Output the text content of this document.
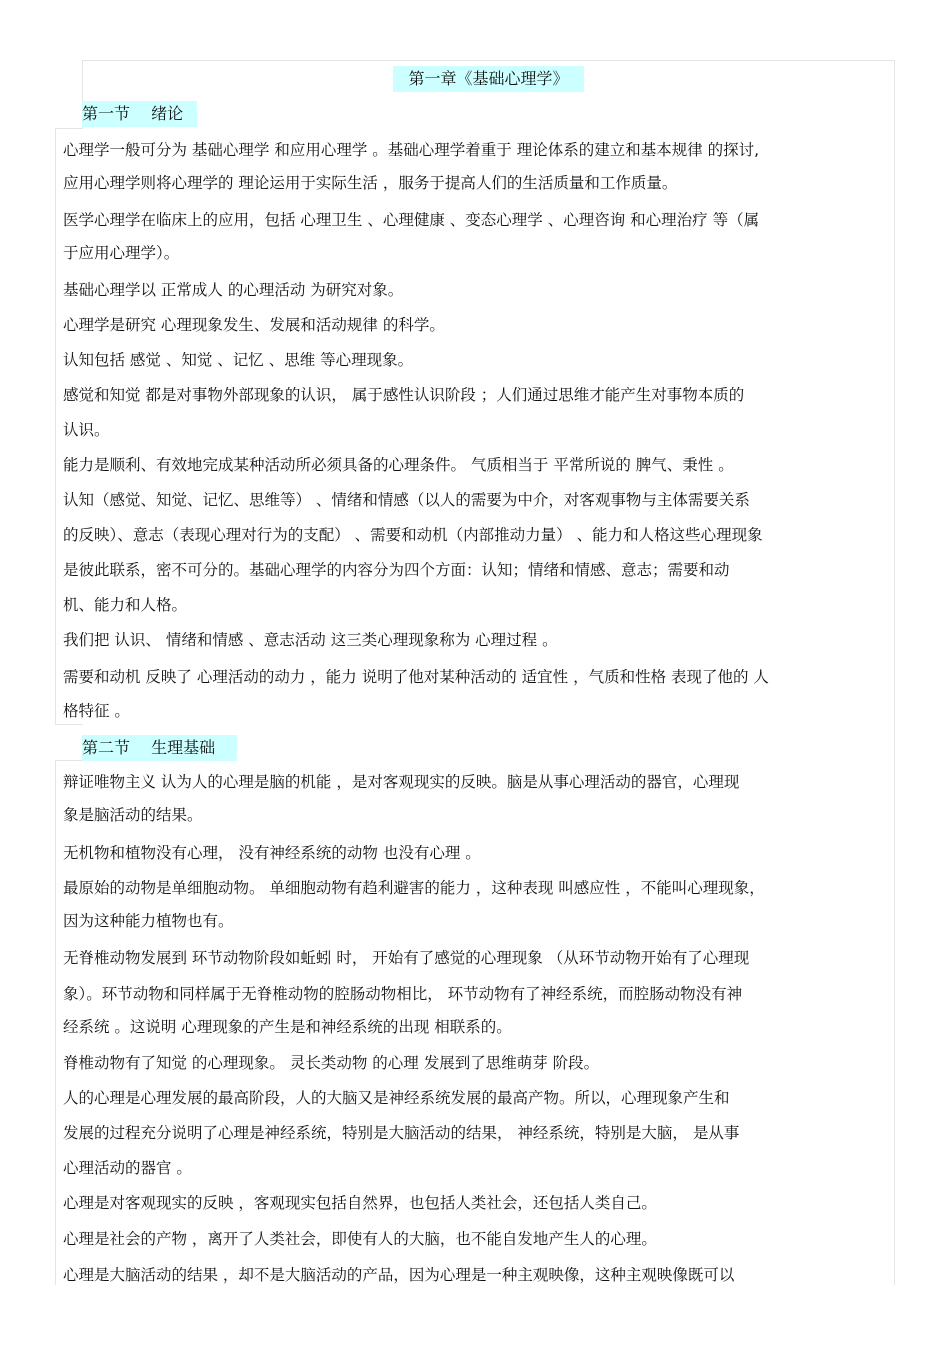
第一章《基础心理学》
第一节　 绪论
第二节　 生理基础
心理学一般可分为 基础心理学 和应用心理学 。基础心理学着重于 理论体系的建立和基本规律 的探讨,
应用心理学则将心理学的 理论运用于实际生活 ，服务于提高人们的生活质量和工作质量。
医学心理学在临床上的应用，包括 心理卫生 、心理健康 、变态心理学 、心理咨询 和心理治疗 等（属
于应用心理学）。
基础心理学以 正常成人 的心理活动 为研究对象。
心理学是研究 心理现象发生、发展和活动规律 的科学。
认知包括 感觉 、知觉 、记忆 、思维 等心理现象。
感觉和知觉 都是对事物外部现象的认识， 属于感性认识阶段 ；人们通过思维才能产生对事物本质的
认识。
能力是顺利、有效地完成某种活动所必须具备的心理条件。 气质相当于 平常所说的 脾气、秉性 。
认知（感觉、知觉、记忆、思维等） 、情绪和情感（以人的需要为中介，对客观事物与主体需要关系
的反映）、意志（表现心理对行为的支配） 、需要和动机（内部推动力量） 、能力和人格这些心理现象
是彼此联系，密不可分的。基础心理学的内容分为四个方面：认知；情绪和情感、意志；需要和动
机、能力和人格。
我们把 认识、 情绪和情感 、意志活动 这三类心理现象称为 心理过程 。
需要和动机 反映了 心理活动的动力 ，能力 说明了他对某种活动的 适宜性 ，气质和性格 表现了他的 人
格特征 。
辩证唯物主义 认为人的心理是脑的机能 ，是对客观现实的反映。脑是从事心理活动的器官，心理现
象是脑活动的结果。
无机物和植物没有心理， 没有神经系统的动物 也没有心理 。
最原始的动物是单细胞动物。 单细胞动物有趋利避害的能力 ，这种表现 叫感应性 ，不能叫心理现象，
因为这种能力植物也有。
无脊椎动物发展到 环节动物阶段如蚯蚓 时， 开始有了感觉的心理现象 （从环节动物开始有了心理现
象）。环节动物和同样属于无脊椎动物的腔肠动物相比， 环节动物有了神经系统，而腔肠动物没有神
经系统 。这说明 心理现象的产生是和神经系统的出现 相联系的。
脊椎动物有了知觉 的心理现象。 灵长类动物 的心理 发展到了思维萌芽 阶段。
人的心理是心理发展的最高阶段，人的大脑又是神经系统发展的最高产物。所以，心理现象产生和
发展的过程充分说明了心理是神经系统，特别是大脑活动的结果， 神经系统，特别是大脑， 是从事
心理活动的器官 。
心理是对客观现实的反映 ，客观现实包括自然界，也包括人类社会，还包括人类自己。
心理是社会的产物 ，离开了人类社会，即使有人的大脑，也不能自发地产生人的心理。
心理是大脑活动的结果 ，却不是大脑活动的产品，因为心理是一种主观映像，这种主观映像既可以
